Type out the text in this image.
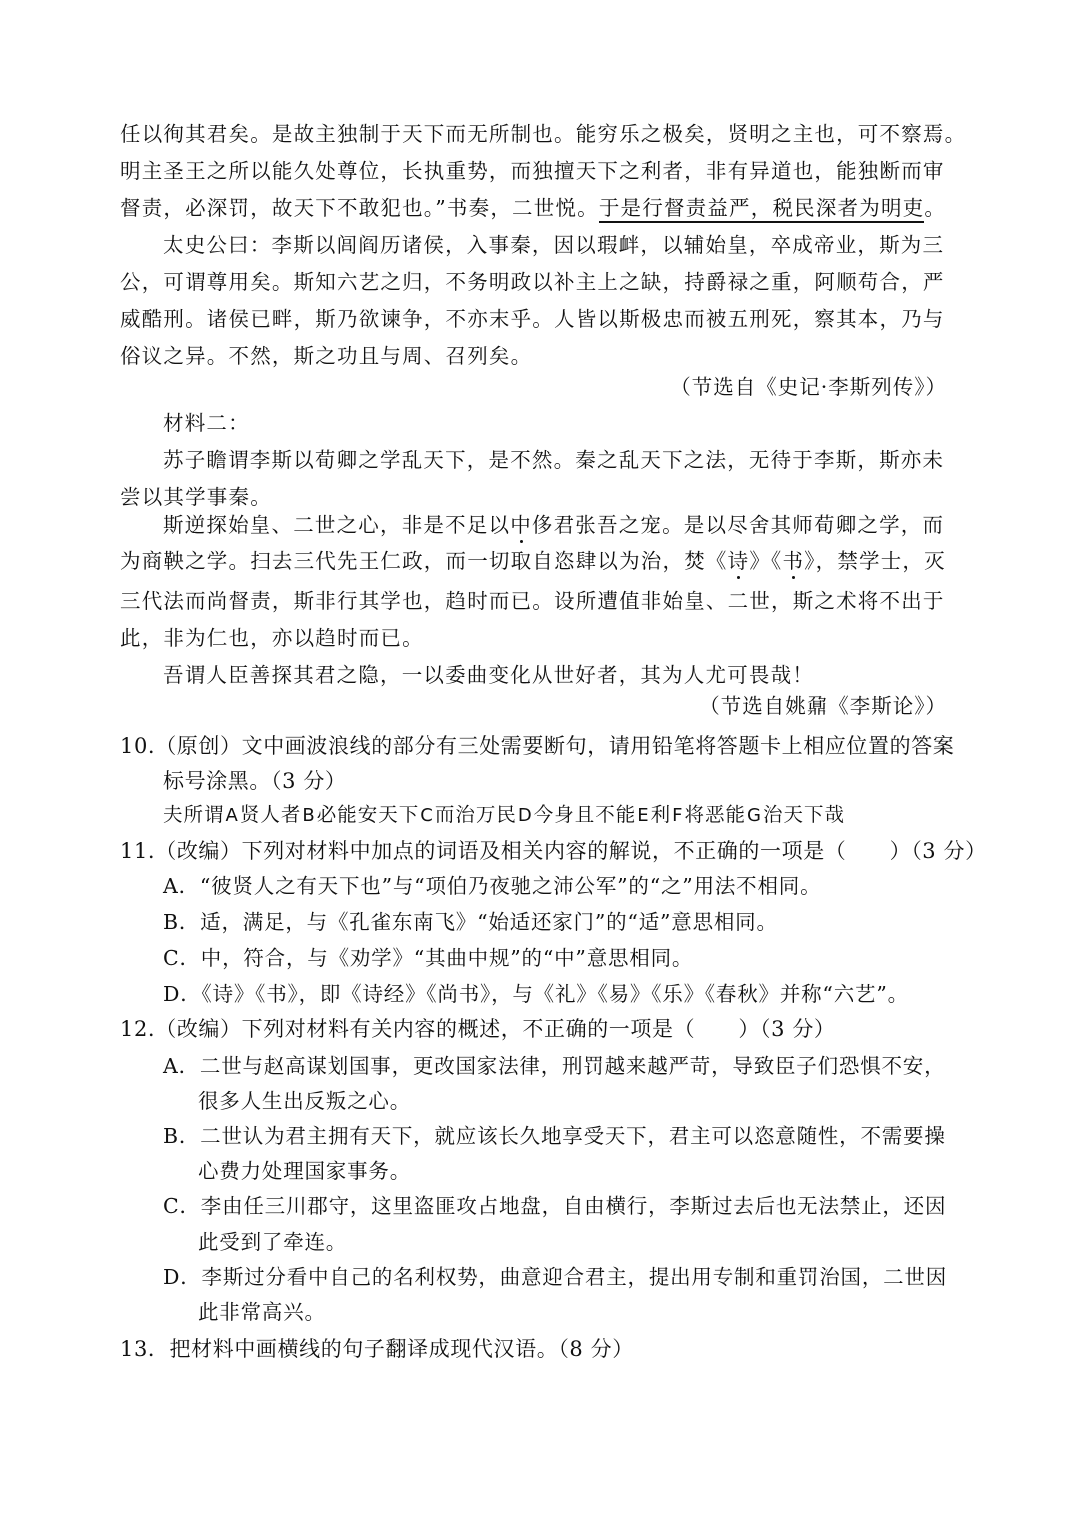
任以徇其君矣。是故主独制于天下而无所制也。能穷乐之极矣，贤明之主也，可不察焉。
明主圣王之所以能久处尊位，长执重势，而独擅天下之利者，非有异道也，能独断而审
督责，必深罚，故天下不敢犯也。”书奏，二世悦。于是行督责益严，税民深者为明吏。
太史公曰：李斯以闾阎历诸侯，入事秦，因以瑕衅，以辅始皇，卒成帝业，斯为三
公，可谓尊用矣。斯知六艺之归，不务明政以补主上之缺，持爵禄之重，阿顺苟合，严
威酷刑。诸侯已畔，斯乃欲谏争，不亦末乎。人皆以斯极忠而被五刑死，察其本，乃与
俗议之异。不然，斯之功且与周、召列矣。
（节选自《史记·李斯列传》）
材料二：
苏子瞻谓李斯以荀卿之学乱天下，是不然。秦之乱天下之法，无待于李斯，斯亦未
尝以其学事秦。
斯逆探始皇、二世之心，非是不足以中侈君张吾之宠。是以尽舍其师荀卿之学，而
为商鞅之学。扫去三代先王仁政，而一切取自恣肆以为治，焚《诗》《书》，禁学士，灭
三代法而尚督责，斯非行其学也，趋时而已。设所遭值非始皇、二世，斯之术将不出于
此，非为仁也，亦以趋时而已。
吾谓人臣善探其君之隐，一以委曲变化从世好者，其为人尤可畏哉！
（节选自姚鼐《李斯论》）
10.（原创）文中画波浪线的部分有三处需要断句，请用铅笔将答题卡上相应位置的答案
标号涂黑。（3 分）
夫所谓A贤人者B必能安天下C而治万民D今身且不能E利F将恶能G治天下哉
11.（改编）下列对材料中加点的词语及相关内容的解说，不正确的一项是（　　）（3 分）
A．“彼贤人之有天下也”与“项伯乃夜驰之沛公军”的“之”用法不相同。
B．适，满足，与《孔雀东南飞》“始适还家门”的“适”意思相同。
C．中，符合，与《劝学》“其曲中规”的“中”意思相同。
D．《诗》《书》，即《诗经》《尚书》，与《礼》《易》《乐》《春秋》并称“六艺”。
12.（改编）下列对材料有关内容的概述，不正确的一项是（　　）（3 分）
A．二世与赵高谋划国事，更改国家法律，刑罚越来越严苛，导致臣子们恐惧不安，
很多人生出反叛之心。
B．二世认为君主拥有天下，就应该长久地享受天下，君主可以恣意随性，不需要操
心费力处理国家事务。
C．李由任三川郡守，这里盗匪攻占地盘，自由横行，李斯过去后也无法禁止，还因
此受到了牵连。
D．李斯过分看中自己的名利权势，曲意迎合君主，提出用专制和重罚治国，二世因
此非常高兴。
13．把材料中画横线的句子翻译成现代汉语。（8 分）
